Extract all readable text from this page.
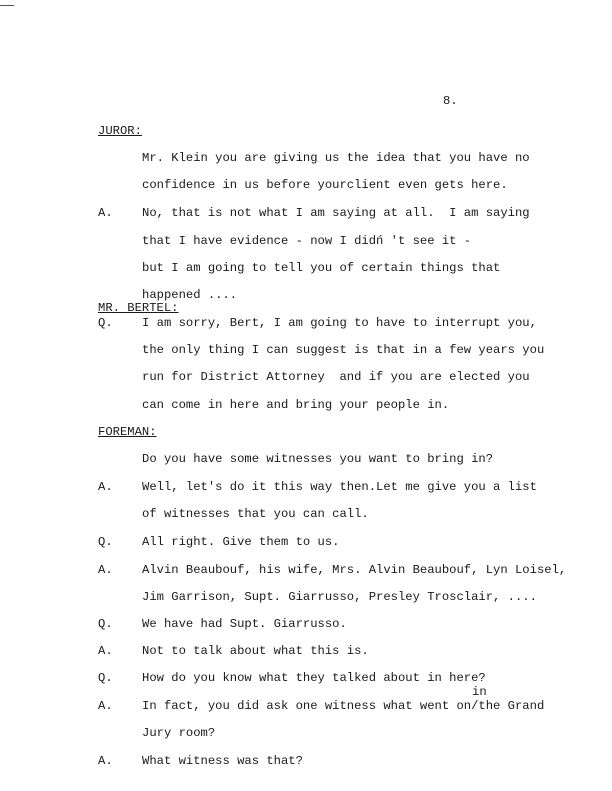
8.
JUROR:
Mr. Klein you are giving us the idea that you have no
confidence in us before yourclient even gets here.
A. No, that is not what I am saying at all.  I am saying
that I have evidence - now I didń 't see it -
but I am going to tell you of certain things that
happened ....
MR. BERTEL:
Q. I am sorry, Bert, I am going to have to interrupt you,
the only thing I can suggest is that in a few years you
run for District Attorney  and if you are elected you
can come in here and bring your people in.
FOREMAN:
Do you have some witnesses you want to bring in?
A. Well, let's do it this way then.Let me give you a list
of witnesses that you can call.
Q. All right. Give them to us.
A. Alvin Beaubouf, his wife, Mrs. Alvin Beaubouf, Lyn Loisel,
Jim Garrison, Supt. Giarrusso, Presley Trosclair, ....
Q. We have had Supt. Giarrusso.
A. Not to talk about what this is.
Q. How do you know what they talked about in here?
in
A. In fact, you did ask one witness what went on/the Grand
Jury room?
A. What witness was that?
